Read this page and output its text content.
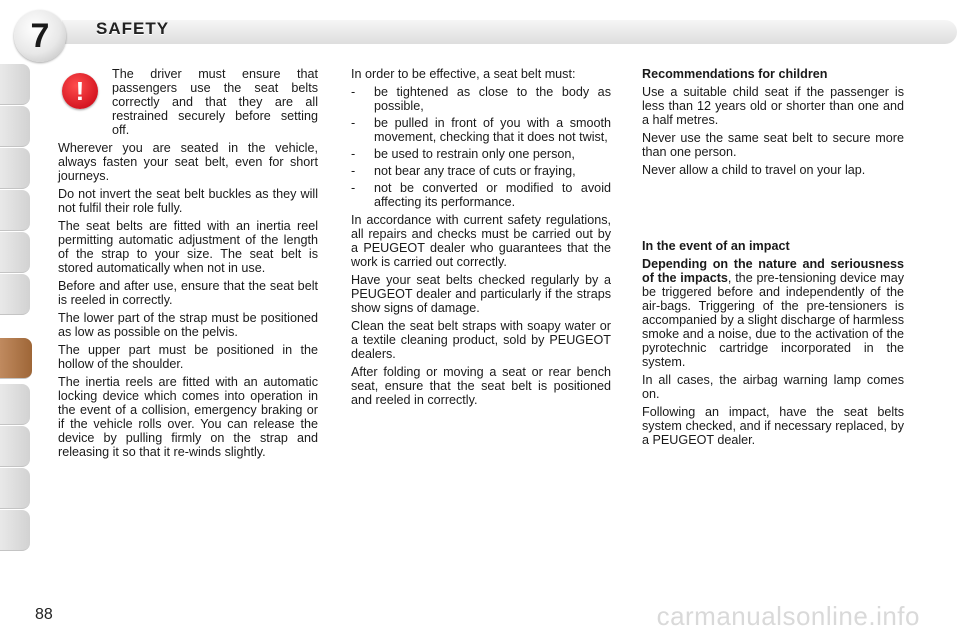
7	SAFETY
!

The driver must ensure that passengers use the seat belts correctly and that they are all restrained securely before setting off.

Wherever you are seated in the vehicle, always fasten your seat belt, even for short journeys.

Do not invert the seat belt buckles as they will not fulfil their role fully.

The seat belts are fitted with an inertia reel permitting automatic adjustment of the length of the strap to your size. The seat belt is stored automatically when not in use.

Before and after use, ensure that the seat belt is reeled in correctly.

The lower part of the strap must be positioned as low as possible on the pelvis.

The upper part must be positioned in the hollow of the shoulder.

The inertia reels are fitted with an automatic locking device which comes into operation in the event of a collision, emergency braking or if the vehicle rolls over. You can release the device by pulling firmly on the strap and releasing it so that it re-winds slightly.

In order to be effective, a seat belt must:

-	be tightened as close to the body as possible,
-	be pulled in front of you with a smooth movement, checking that it does not twist,
-	be used to restrain only one person,
-	not bear any trace of cuts or fraying,
-	not be converted or modified to avoid affecting its performance.

In accordance with current safety regulations, all repairs and checks must be carried out by a PEUGEOT dealer who guarantees that the work is carried out correctly.

Have your seat belts checked regularly by a PEUGEOT dealer and particularly if the straps show signs of damage.

Clean the seat belt straps with soapy water or a textile cleaning product, sold by PEUGEOT dealers.

After folding or moving a seat or rear bench seat, ensure that the seat belt is positioned and reeled in correctly.

Recommendations for children

Use a suitable child seat if the passenger is less than 12 years old or shorter than one and a half metres.

Never use the same seat belt to secure more than one person.

Never allow a child to travel on your lap.

In the event of an impact

Depending on the nature and seriousness of the impacts, the pre-tensioning device may be triggered before and independently of the air-bags. Triggering of the pre-tensioners is accompanied by a slight discharge of harmless smoke and a noise, due to the activation of the pyrotechnic cartridge incorporated in the system.

In all cases, the airbag warning lamp comes on.

Following an impact, have the seat belts system checked, and if necessary replaced, by a PEUGEOT dealer.

88	carmanualsonline.info
